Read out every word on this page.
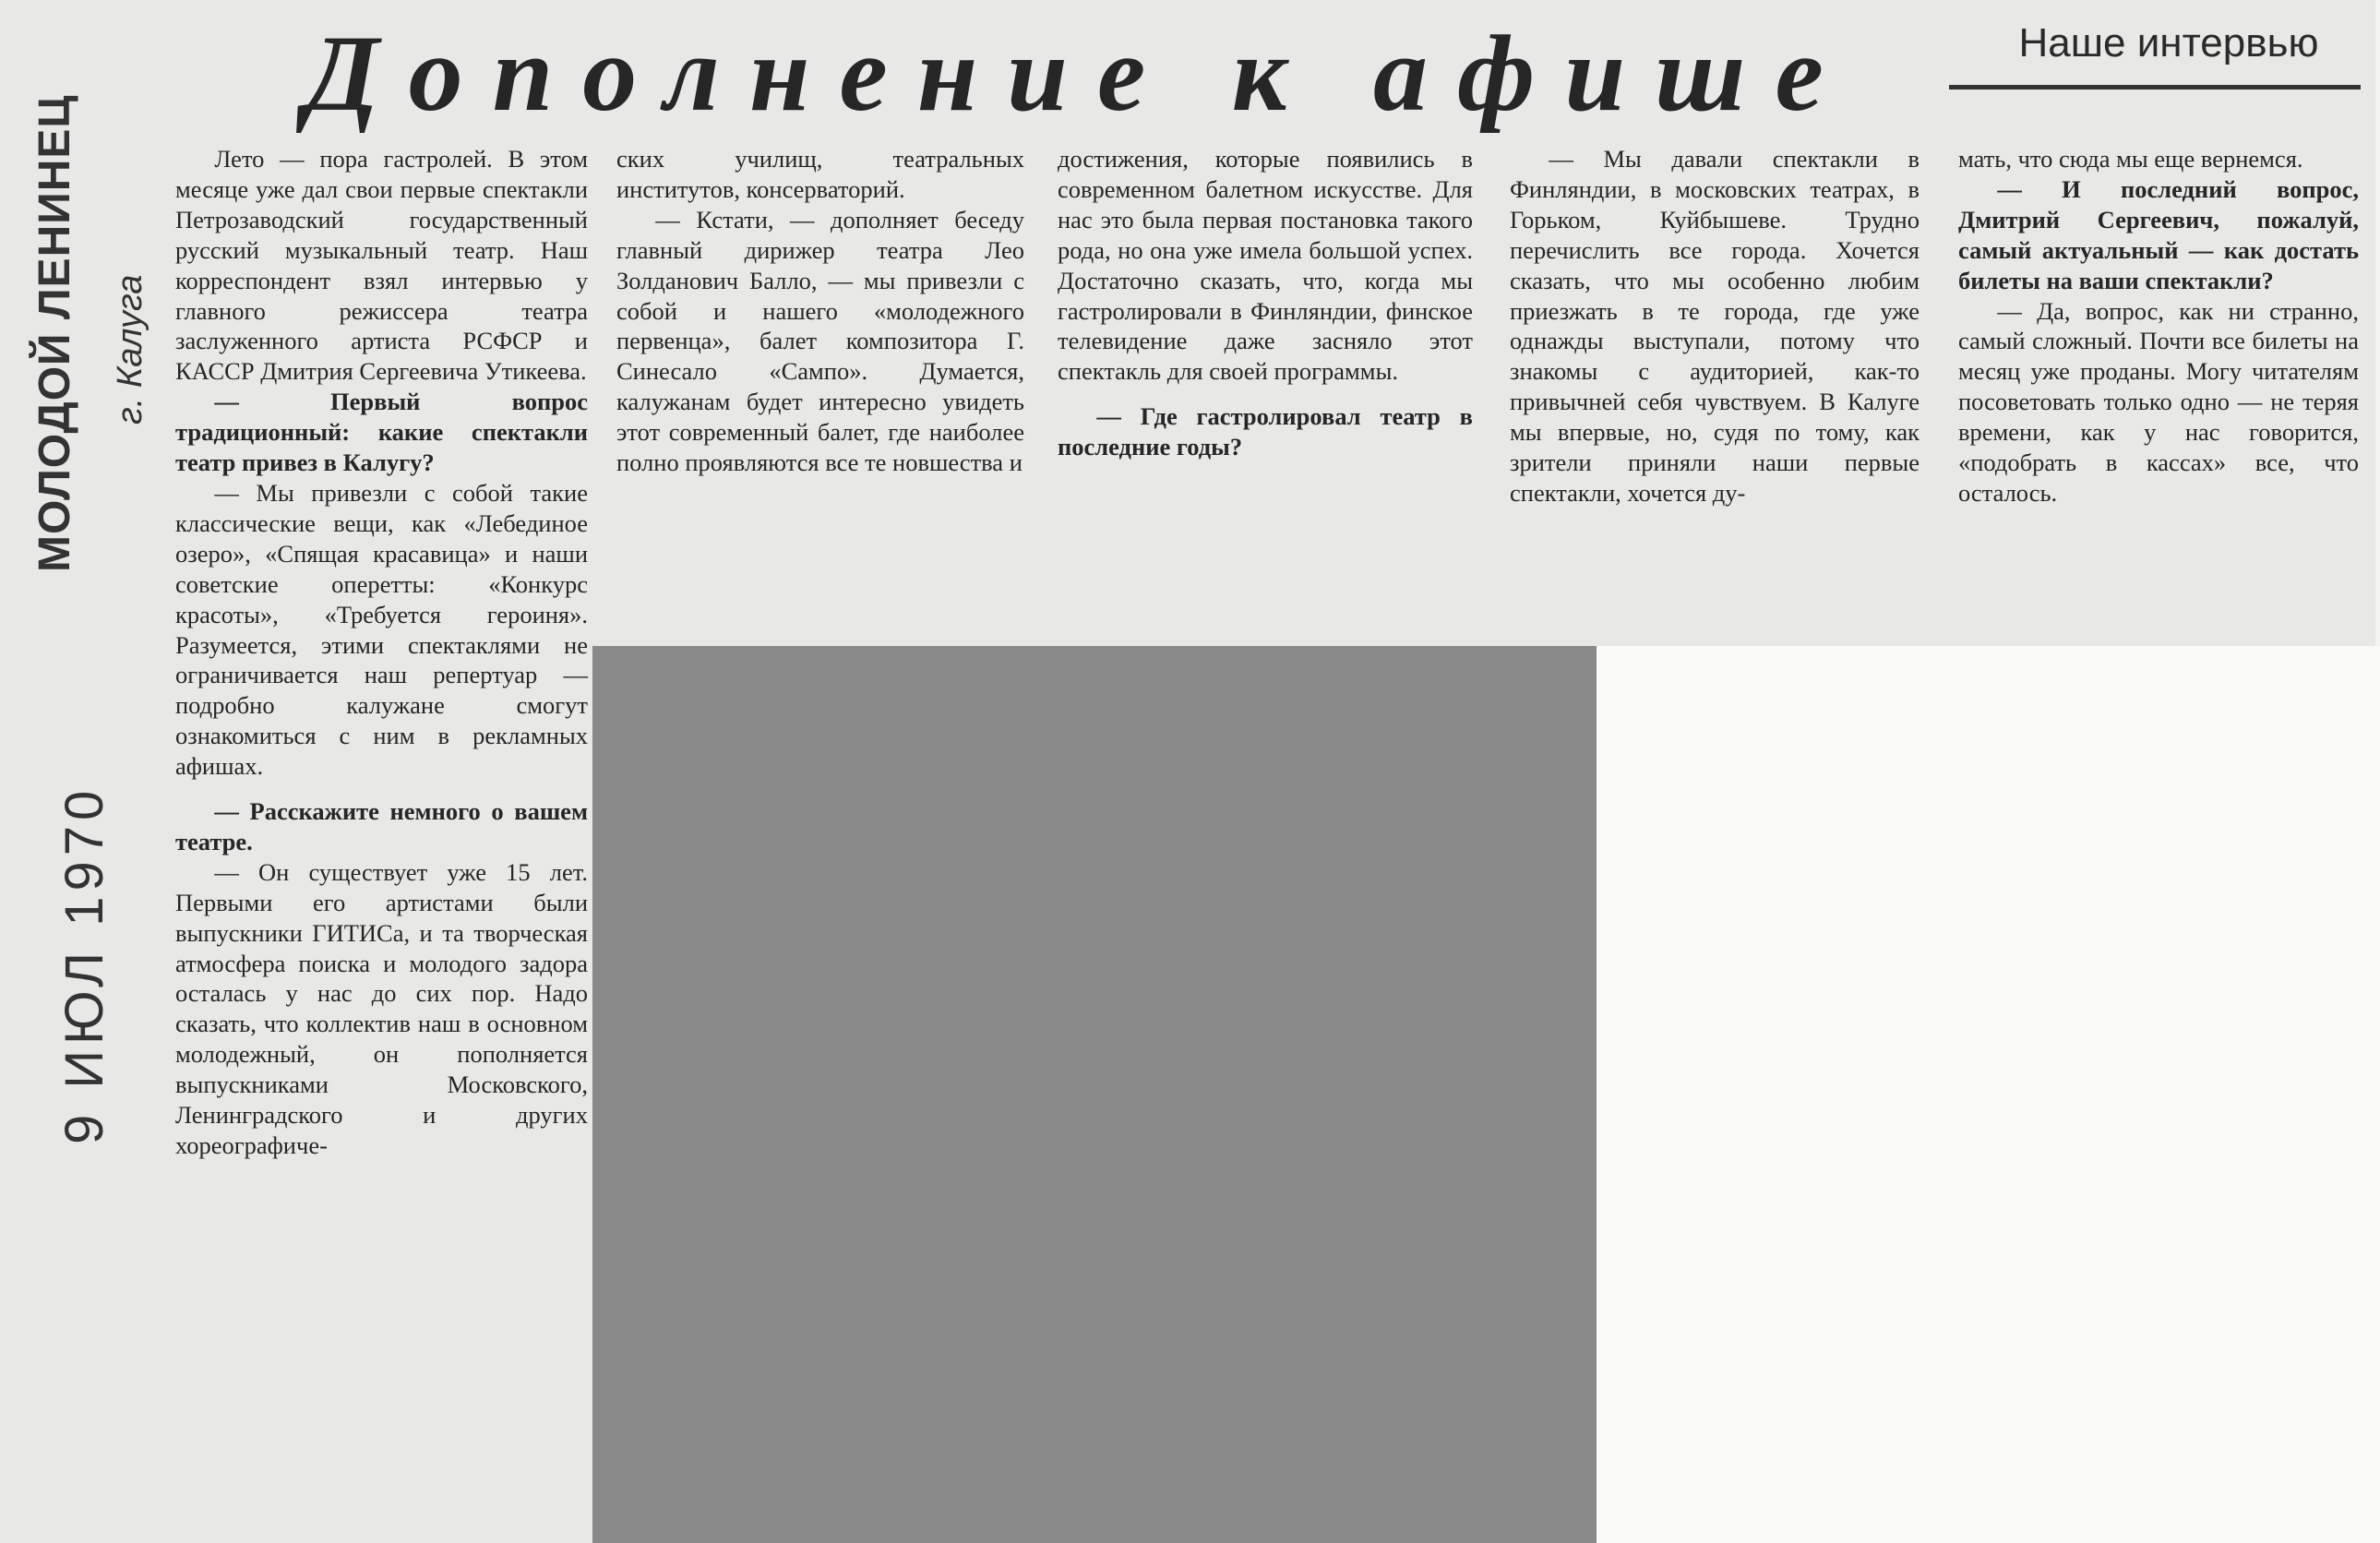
МОЛОДОЙ ЛЕНИНЕЦ г. Калуга
9 ИЮЛ 1970
Дополнение к афише	Наше интервью

Лето — пора гастролей. В этом месяце уже дал свои первые спектакли Петрозаводский государственный русский музыкальный театр. Наш корреспондент взял интервью у главного режиссера театра заслуженного артиста РСФСР и КАССР Дмитрия Сергеевича Утикеева.

— Первый вопрос традиционный: какие спектакли театр привез в Калугу?

— Мы привезли с собой такие классические вещи, как «Лебединое озеро», «Спящая красавица» и наши советские оперетты: «Конкурс красоты», «Требуется героиня». Разумеется, этими спектаклями не ограничивается наш репертуар — подробно калужане смогут ознакомиться с ним в рекламных афишах.

— Расскажите немного о вашем театре.

— Он существует уже 15 лет. Первыми его артистами были выпускники ГИТИСа, и та творческая атмосфера поиска и молодого задора осталась у нас до сих пор. Надо сказать, что коллектив наш в основном молодежный, он пополняется выпускниками Московского, Ленинградского и других хореографиче-

ских училищ, театральных институтов, консерваторий.

— Кстати, — дополняет беседу главный дирижер театра Лео Золданович Балло, — мы привезли с собой и нашего «молодежного первенца», балет композитора Г. Синесало «Сампо». Думается, калужанам будет интересно увидеть этот современный балет, где наиболее полно проявляются все те новшества и

достижения, которые появились в современном балетном искусстве. Для нас это была первая постановка такого рода, но она уже имела большой успех. Достаточно сказать, что, когда мы гастролировали в Финляндии, финское телевидение даже засняло этот спектакль для своей программы.

— Где гастролировал театр в последние годы?

— Мы давали спектакли в Финляндии, в московских театрах, в Горьком, Куйбышеве. Трудно перечислить все города. Хочется сказать, что мы особенно любим приезжать в те города, где уже однажды выступали, потому что знакомы с аудиторией, как-то привычней себя чувствуем. В Калуге мы впервые, но, судя по тому, как зрители приняли наши первые спектакли, хочется ду-

мать, что сюда мы еще вернемся.

— И последний вопрос, Дмитрий Сергеевич, пожалуй, самый актуальный — как достать билеты на ваши спектакли?

— Да, вопрос, как ни странно, самый сложный. Почти все билеты на месяц уже проданы. Могу читателям посоветовать только одно — не теряя времени, как у нас говорится, «подобрать в кассах» все, что осталось.
